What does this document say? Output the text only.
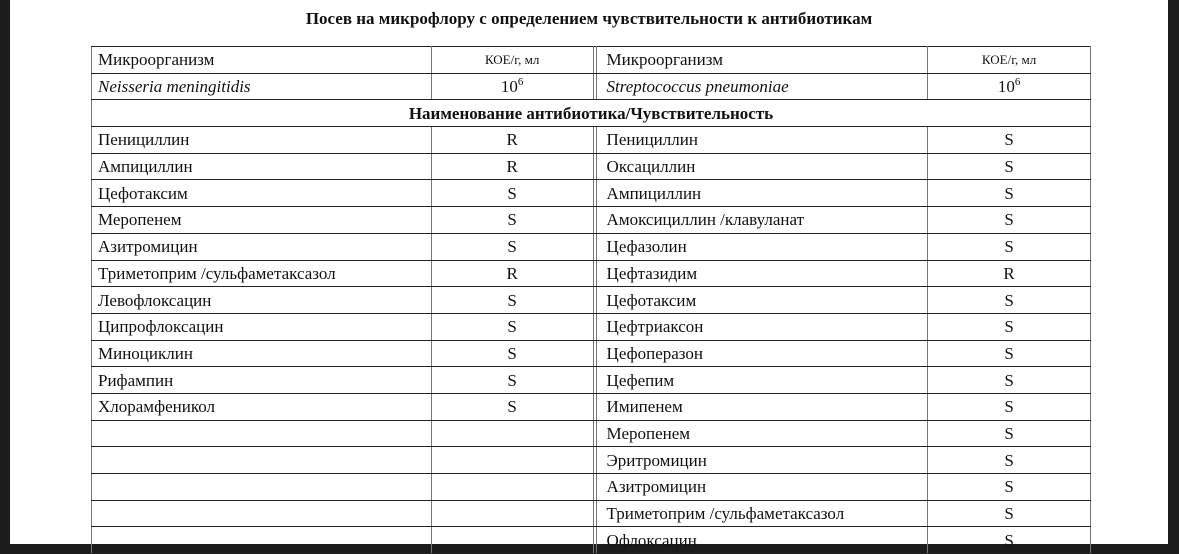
Посев на микрофлору с определением чувствительности к антибиотикам
Микроорганизм	КОЕ/г, мл		Микроорганизм	КОЕ/г, мл
Neisseria meningitidis	$10^6$		Streptococcus pneumoniae	$10^6$
Наименование антибиотика/Чувствительность				
Пенициллин	R		Пенициллин	S
Ампициллин	R		Оксациллин	S
Цефотаксим	S		Ампициллин	S
Меропенем	S		Амоксициллин /клавуланат	S
Азитромицин	S		Цефазолин	S
Триметоприм /сульфаметаксазол	R		Цефтазидим	R
Левофлоксацин	S		Цефотаксим	S
Ципрофлоксацин	S		Цефтриаксон	S
Миноциклин	S		Цефоперазон	S
Рифампин	S		Цефепим	S
Хлорамфеникол	S		Имипенем	S
			Меропенем	S
			Эритромицин	S
			Азитромицин	S
			Триметоприм /сульфаметаксазол	S
			Офлоксацин	S
